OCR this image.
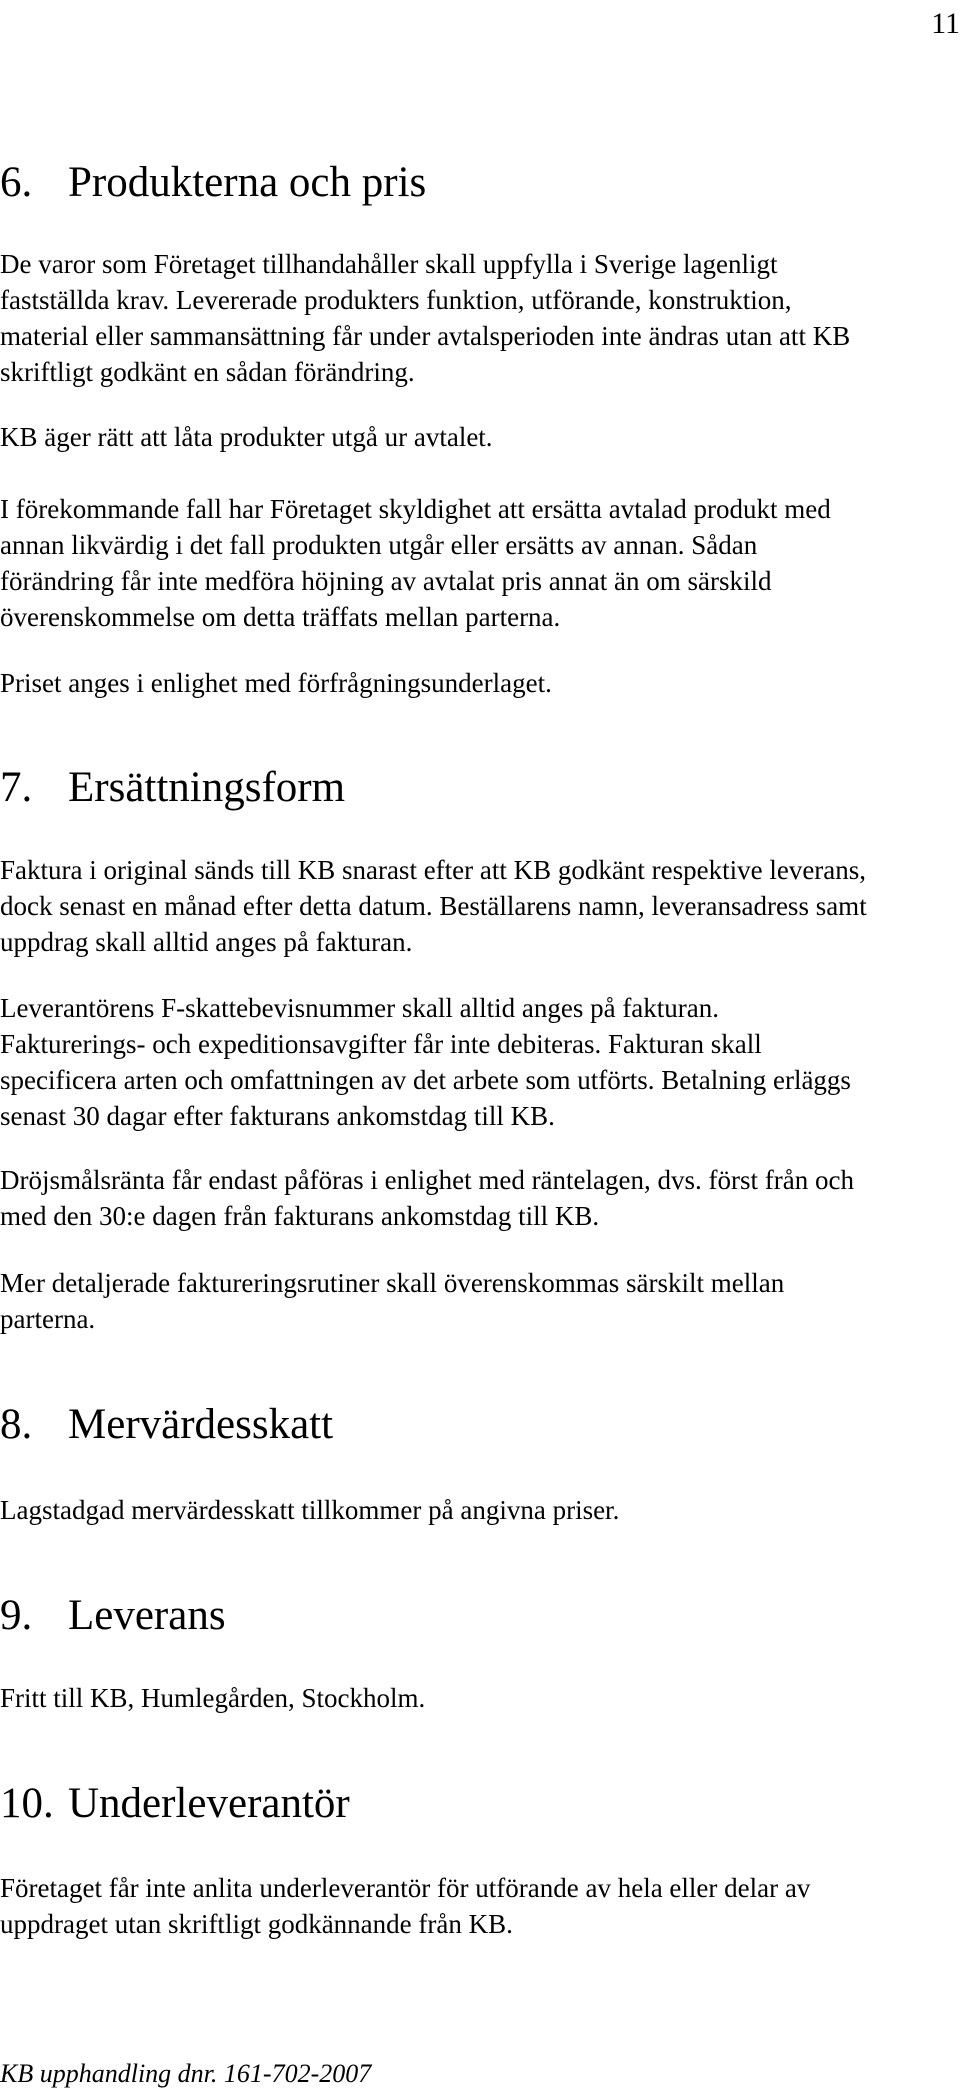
11
6. Produkterna och pris

De varor som Företaget tillhandahåller skall uppfylla i Sverige lagenligt
fastställda krav. Levererade produkters funktion, utförande, konstruktion,
material eller sammansättning får under avtalsperioden inte ändras utan att KB
skriftligt godkänt en sådan förändring.

KB äger rätt att låta produkter utgå ur avtalet.

I förekommande fall har Företaget skyldighet att ersätta avtalad produkt med
annan likvärdig i det fall produkten utgår eller ersätts av annan. Sådan
förändring får inte medföra höjning av avtalat pris annat än om särskild
överenskommelse om detta träffats mellan parterna.

Priset anges i enlighet med förfrågningsunderlaget.

7. Ersättningsform

Faktura i original sänds till KB snarast efter att KB godkänt respektive leverans,
dock senast en månad efter detta datum. Beställarens namn, leveransadress samt
uppdrag skall alltid anges på fakturan.

Leverantörens F-skattebevisnummer skall alltid anges på fakturan.
Fakturerings- och expeditionsavgifter får inte debiteras. Fakturan skall
specificera arten och omfattningen av det arbete som utförts. Betalning erläggs
senast 30 dagar efter fakturans ankomstdag till KB.

Dröjsmålsränta får endast påföras i enlighet med räntelagen, dvs. först från och
med den 30:e dagen från fakturans ankomstdag till KB.

Mer detaljerade faktureringsrutiner skall överenskommas särskilt mellan
parterna.

8. Mervärdesskatt

Lagstadgad mervärdesskatt tillkommer på angivna priser.

9. Leverans

Fritt till KB, Humlegården, Stockholm.

10. Underleverantör

Företaget får inte anlita underleverantör för utförande av hela eller delar av
uppdraget utan skriftligt godkännande från KB.

KB upphandling dnr. 161-702-2007
